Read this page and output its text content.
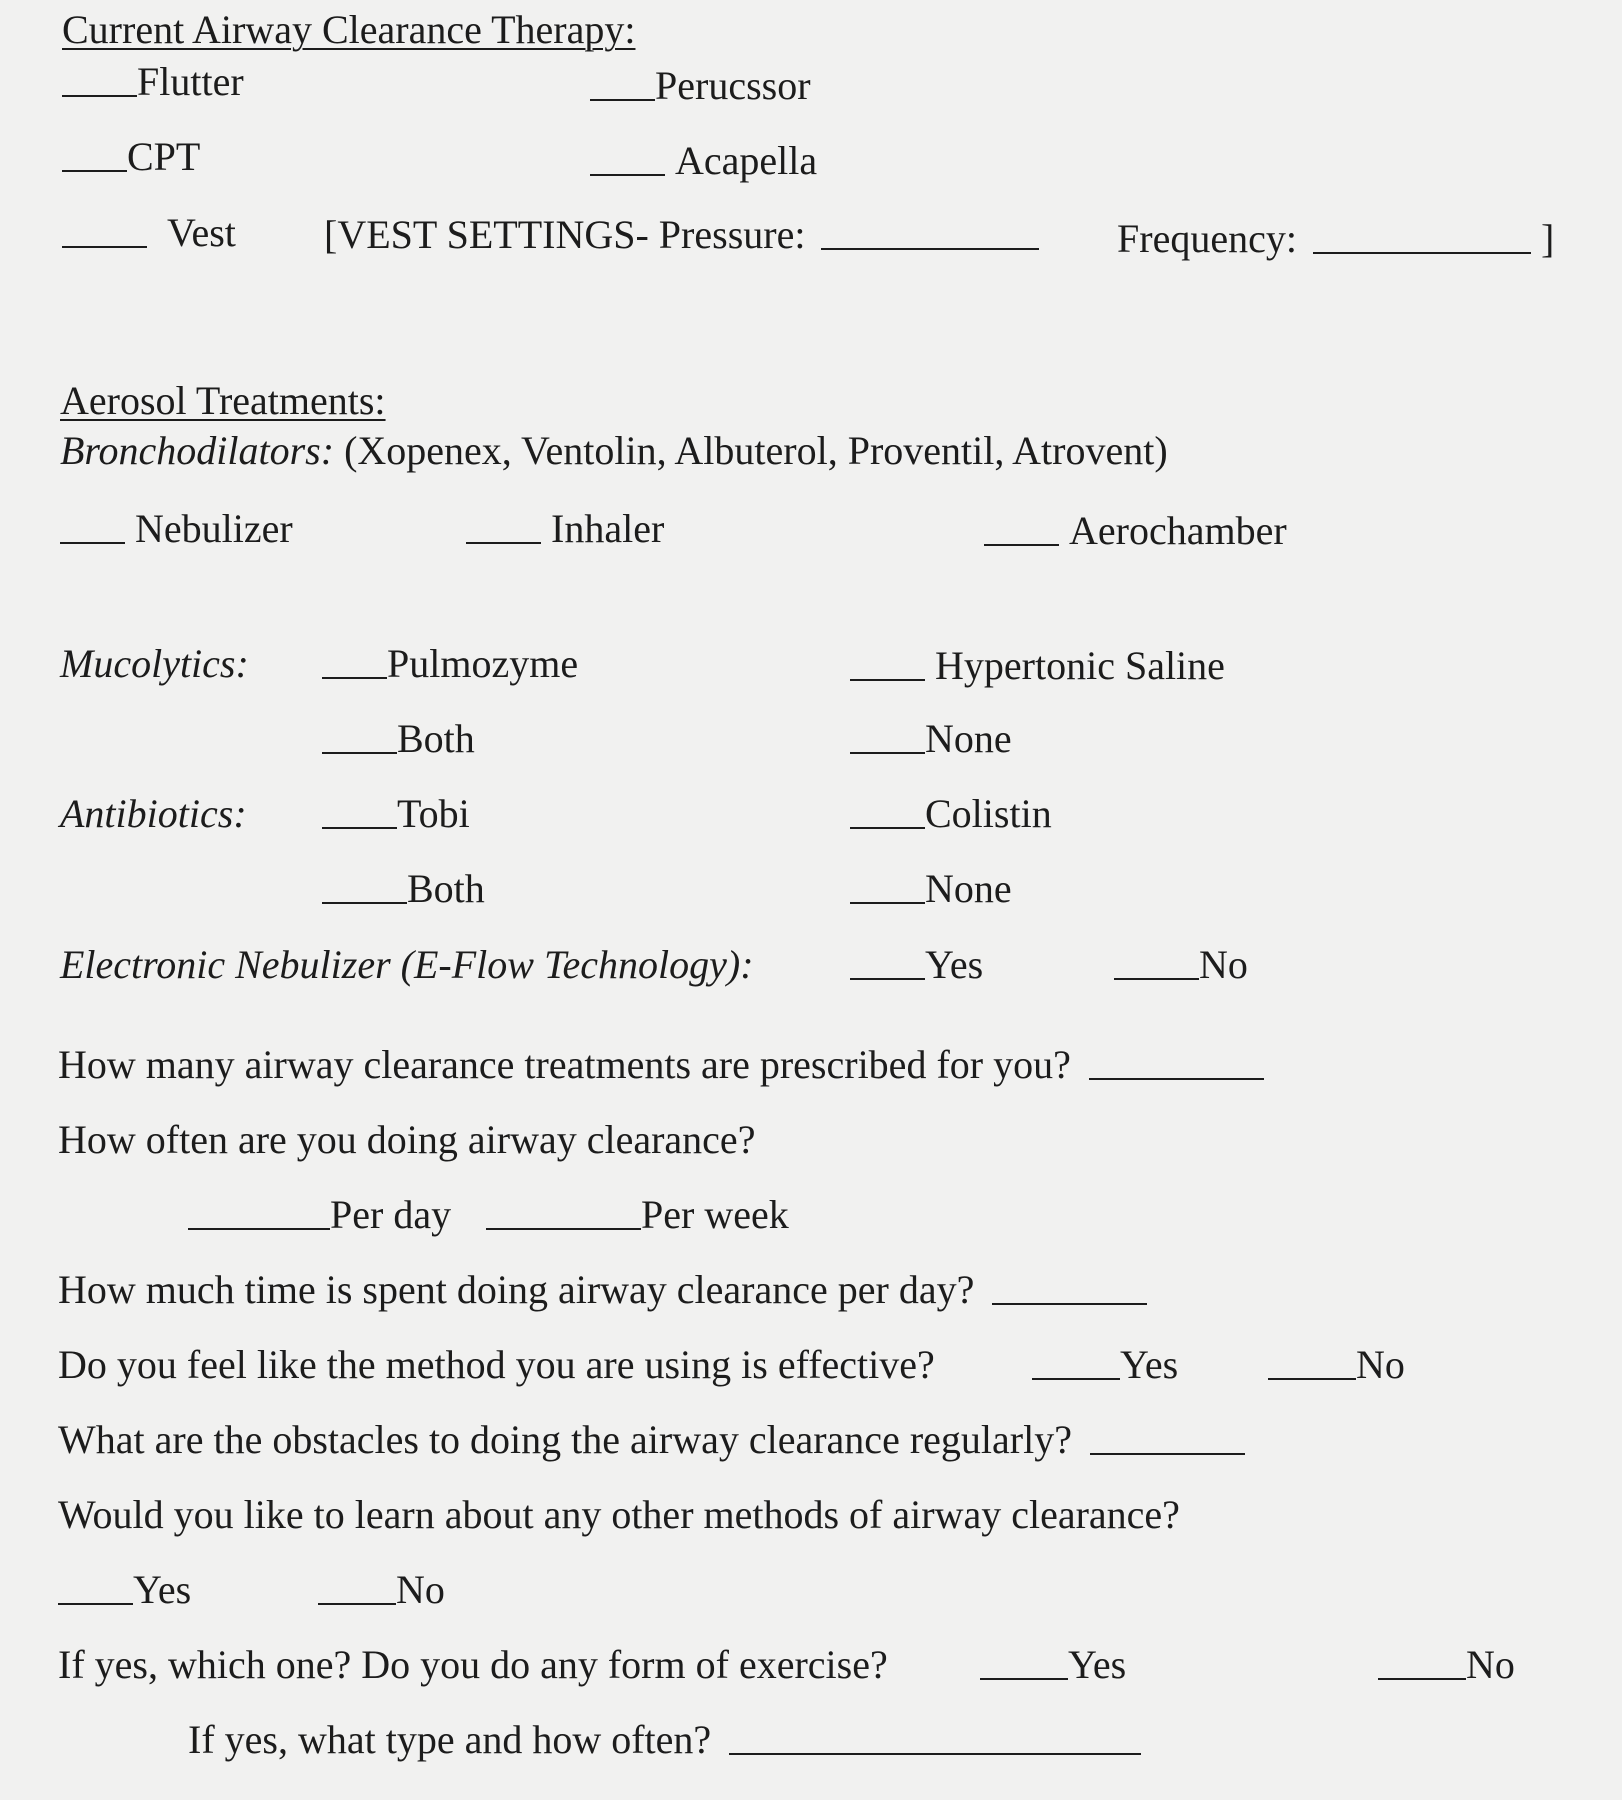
Current Airway Clearance Therapy:
Flutter	Perucssor
CPT	Acapella
Vest [VEST SETTINGS- Pressure:	Frequency:	]
Aerosol Treatments:
Bronchodilators: (Xopenex, Ventolin, Albuterol, Proventil, Atrovent)
Nebulizer	Inhaler	Aerochamber
Mucolytics:	Pulmozyme	Hypertonic Saline
Both	None
Antibiotics:	Tobi	Colistin
Both	None
Electronic Nebulizer (E-Flow Technology):	Yes	No
How many airway clearance treatments are prescribed for you?
How often are you doing airway clearance?
Per day	Per week
How much time is spent doing airway clearance per day?
Do you feel like the method you are using is effective?	Yes	No
What are the obstacles to doing the airway clearance regularly?
Would you like to learn about any other methods of airway clearance?
Yes	No
If yes, which one? Do you do any form of exercise?	Yes	No
If yes, what type and how often?
